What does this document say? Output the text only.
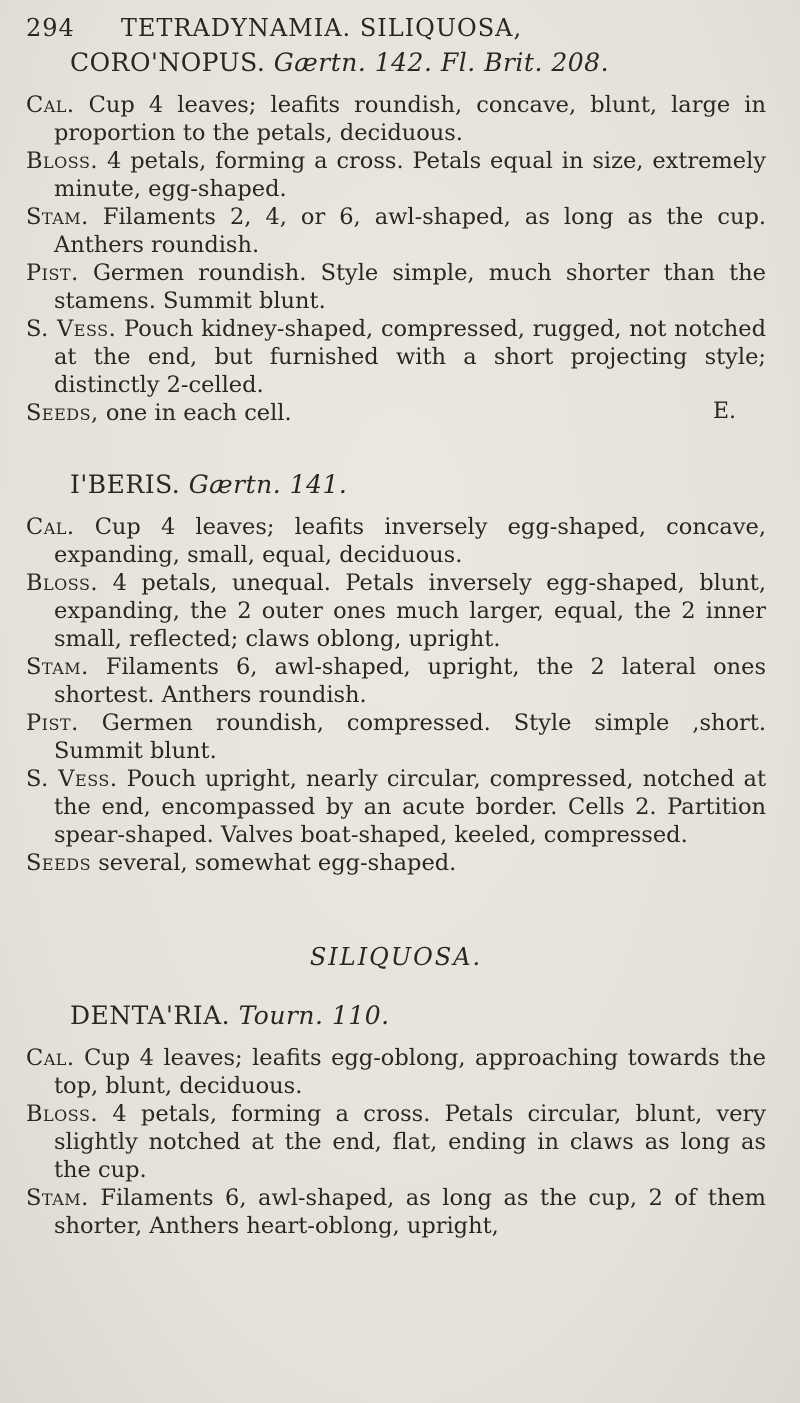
294 TETRADYNAMIA. SILIQUOSA,
CORO'NOPUS. Gærtn. 142. Fl. Brit. 208.

Cal. Cup 4 leaves; leafits roundish, concave, blunt, large in proportion to the petals, deciduous.

Bloss. 4 petals, forming a cross. Petals equal in size, extremely minute, egg-shaped.

Stam. Filaments 2, 4, or 6, awl-shaped, as long as the cup. Anthers roundish.

Pist. Germen roundish. Style simple, much shorter than the stamens. Summit blunt.

S. Vess. Pouch kidney-shaped, compressed, rugged, not notched at the end, but furnished with a short projecting style; distinctly 2-celled.

Seeds, one in each cell.	E.
I'BERIS. Gærtn. 141.

Cal. Cup 4 leaves; leafits inversely egg-shaped, concave, expanding, small, equal, deciduous.

Bloss. 4 petals, unequal. Petals inversely egg-shaped, blunt, expanding, the 2 outer ones much larger, equal, the 2 inner small, reflected; claws oblong, upright.

Stam. Filaments 6, awl-shaped, upright, the 2 lateral ones shortest. Anthers roundish.

Pist. Germen roundish, compressed. Style simple ,short. Summit blunt.

S. Vess. Pouch upright, nearly circular, compressed, notched at the end, encompassed by an acute border. Cells 2. Partition spear-shaped. Valves boat-shaped, keeled, compressed.

Seeds several, somewhat egg-shaped.

SILIQUOSA.
DENTA'RIA. Tourn. 110.

Cal. Cup 4 leaves; leafits egg-oblong, approaching towards the top, blunt, deciduous.

Bloss. 4 petals, forming a cross. Petals circular, blunt, very slightly notched at the end, flat, ending in claws as long as the cup.

Stam. Filaments 6, awl-shaped, as long as the cup, 2 of them shorter, Anthers heart-oblong, upright,
